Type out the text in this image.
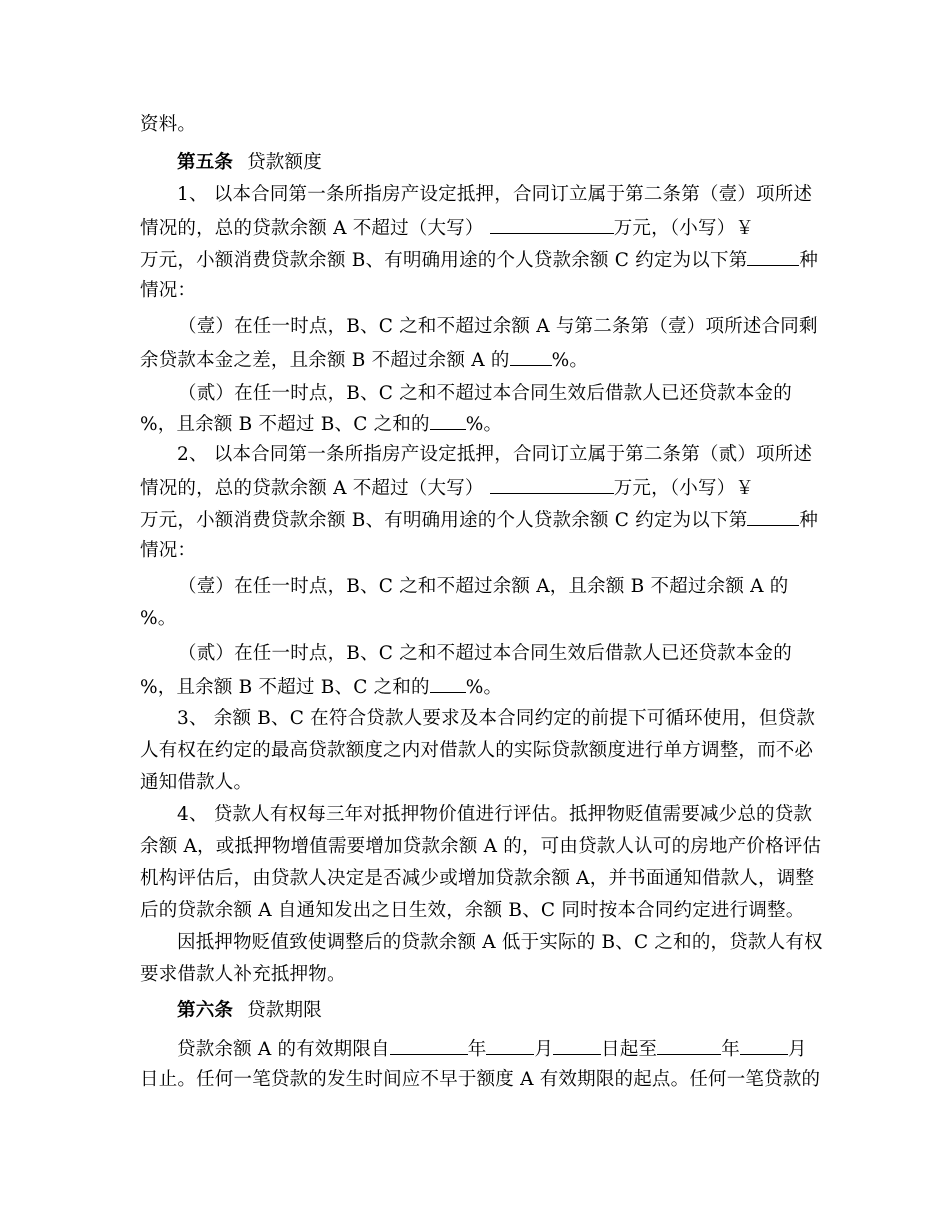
资料。
第五条 贷款额度
1、 以本合同第一条所指房产设定抵押，合同订立属于第二条第（壹）项所述
情况的，总的贷款余额 A 不超过（大写）	万元，（小写）￥
万元，小额消费贷款余额 B、有明确用途的个人贷款余额 C 约定为以下第	种
情况：
（壹）在任一时点，B、C 之和不超过余额 A 与第二条第（壹）项所述合同剩
余贷款本金之差，且余额 B 不超过余额 A 的 %。
（贰）在任一时点，B、C 之和不超过本合同生效后借款人已还贷款本金的
%，且余额 B 不超过 B、C 之和的 %。
2、 以本合同第一条所指房产设定抵押，合同订立属于第二条第（贰）项所述
情况的，总的贷款余额 A 不超过（大写）	万元，（小写）￥
万元，小额消费贷款余额 B、有明确用途的个人贷款余额 C 约定为以下第	种
情况：
（壹）在任一时点，B、C 之和不超过余额 A，且余额 B 不超过余额 A 的
%。
（贰）在任一时点，B、C 之和不超过本合同生效后借款人已还贷款本金的
%，且余额 B 不超过 B、C 之和的 %。
3、 余额 B、C 在符合贷款人要求及本合同约定的前提下可循环使用，但贷款
人有权在约定的最高贷款额度之内对借款人的实际贷款额度进行单方调整，而不必
通知借款人。
4、 贷款人有权每三年对抵押物价值进行评估。抵押物贬值需要减少总的贷款
余额 A，或抵押物增值需要增加贷款余额 A 的，可由贷款人认可的房地产价格评估
机构评估后，由贷款人决定是否减少或增加贷款余额 A，并书面通知借款人，调整
后的贷款余额 A 自通知发出之日生效，余额 B、C 同时按本合同约定进行调整。
因抵押物贬值致使调整后的贷款余额 A 低于实际的 B、C 之和的，贷款人有权
要求借款人补充抵押物。
第六条 贷款期限
贷款余额 A 的有效期限自	年	月	日起至	年	月
日止。任何一笔贷款的发生时间应不早于额度 A 有效期限的起点。任何一笔贷款的
